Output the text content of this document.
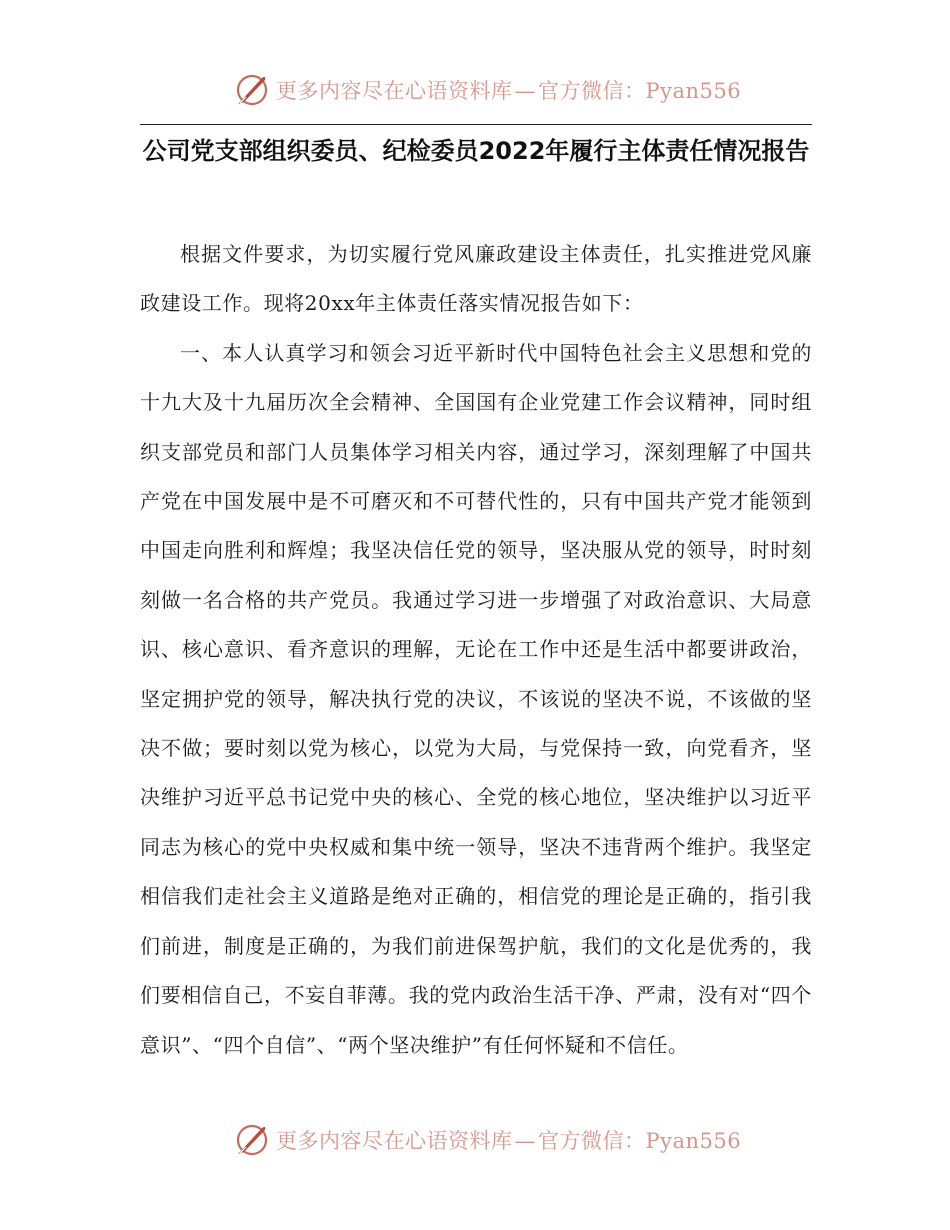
更多内容尽在心语资料库—官方微信：Pyan556
公司党支部组织委员、纪检委员2022年履行主体责任情况报告

根据文件要求，为切实履行党风廉政建设主体责任，扎实推进党风廉政建设工作。现将20xx年主体责任落实情况报告如下：

一、本人认真学习和领会习近平新时代中国特色社会主义思想和党的十九大及十九届历次全会精神、全国国有企业党建工作会议精神，同时组织支部党员和部门人员集体学习相关内容，通过学习，深刻理解了中国共产党在中国发展中是不可磨灭和不可替代性的，只有中国共产党才能领到中国走向胜利和辉煌；我坚决信任党的领导，坚决服从党的领导，时时刻刻做一名合格的共产党员。我通过学习进一步增强了对政治意识、大局意识、核心意识、看齐意识的理解，无论在工作中还是生活中都要讲政治，坚定拥护党的领导，解决执行党的决议，不该说的坚决不说，不该做的坚决不做；要时刻以党为核心，以党为大局，与党保持一致，向党看齐，坚决维护习近平总书记党中央的核心、全党的核心地位，坚决维护以习近平同志为核心的党中央权威和集中统一领导，坚决不违背两个维护。我坚定相信我们走社会主义道路是绝对正确的，相信党的理论是正确的，指引我们前进，制度是正确的，为我们前进保驾护航，我们的文化是优秀的，我们要相信自己，不妄自菲薄。我的党内政治生活干净、严肃，没有对“四个意识”、“四个自信”、“两个坚决维护”有任何怀疑和不信任。

更多内容尽在心语资料库—官方微信：Pyan556
